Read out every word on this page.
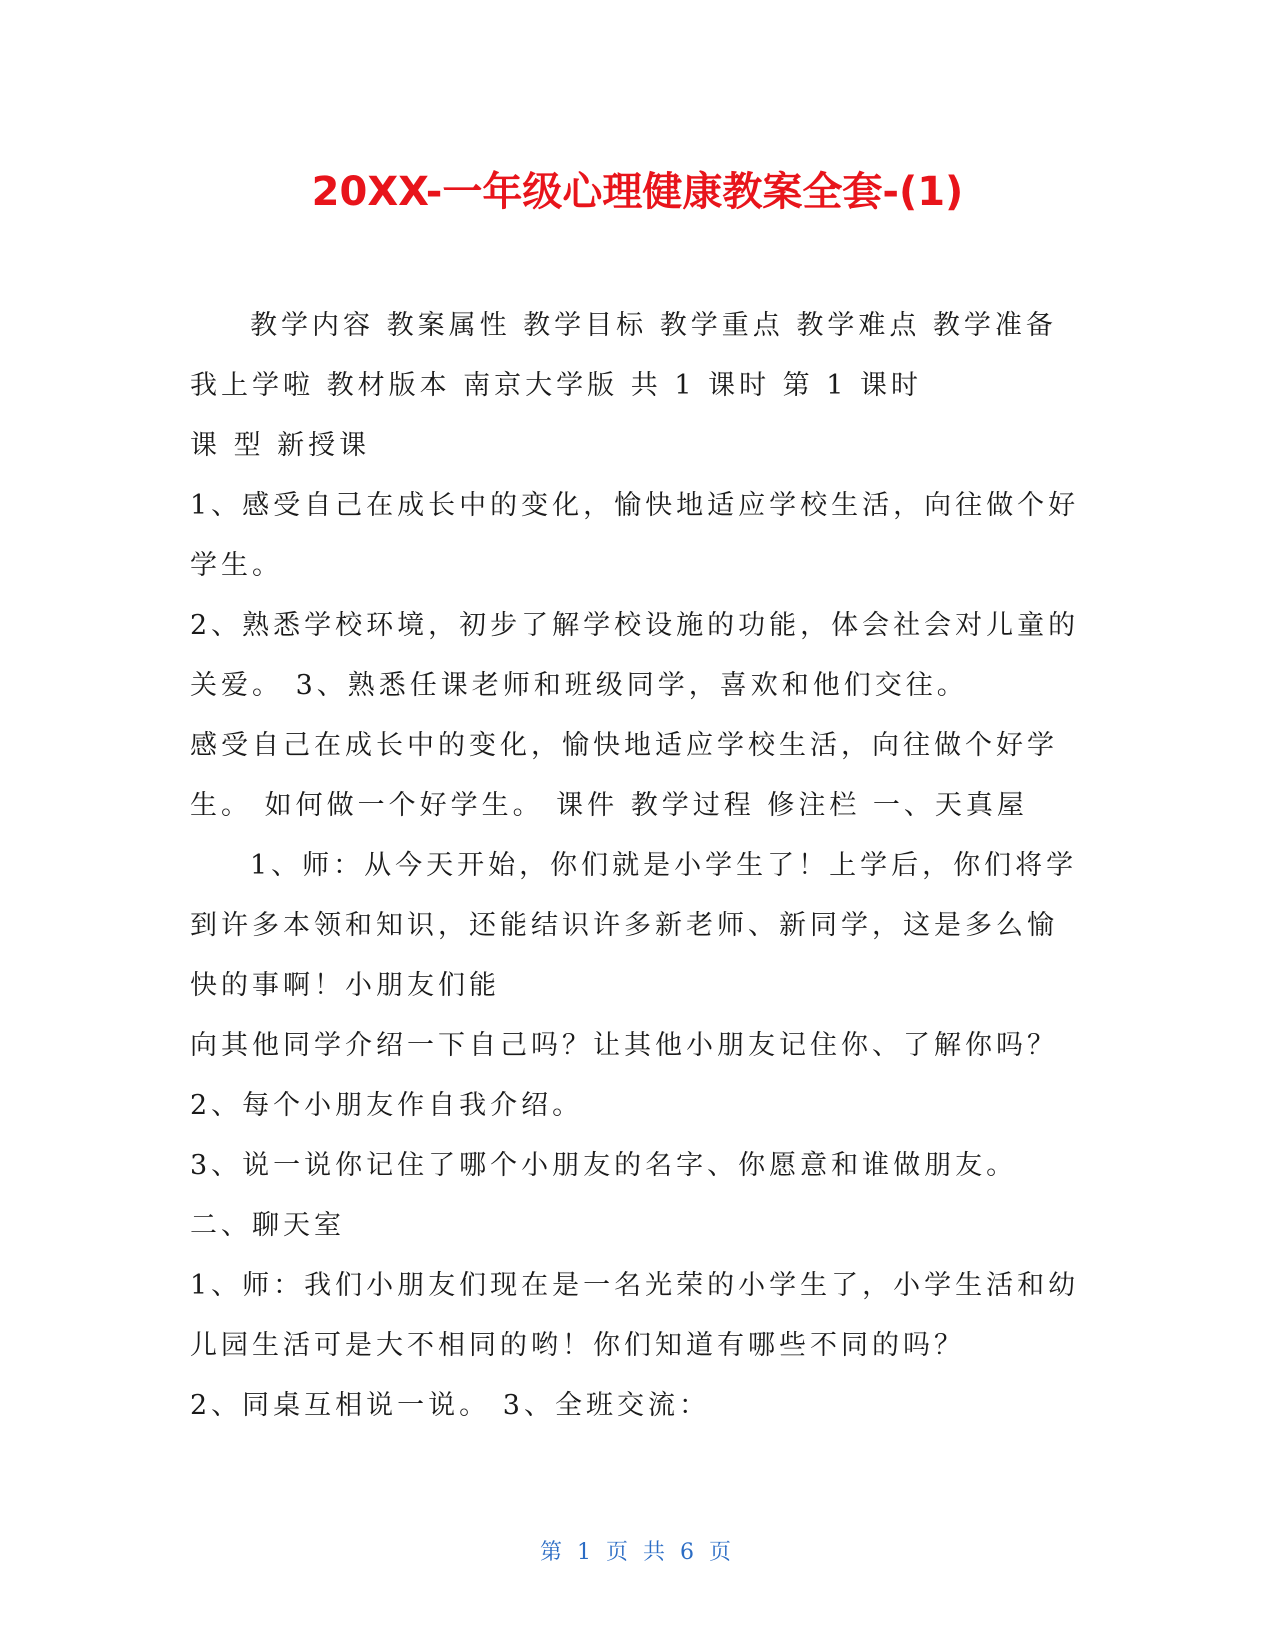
20XX-一年级心理健康教案全套-(1)
教学内容 教案属性 教学目标 教学重点 教学难点 教学准备
我上学啦 教材版本 南京大学版 共 1 课时 第 1 课时
课 型 新授课
1、感受自己在成长中的变化，愉快地适应学校生活，向往做个好
学生。
2、熟悉学校环境，初步了解学校设施的功能，体会社会对儿童的
关爱。 3、熟悉任课老师和班级同学，喜欢和他们交往。
感受自己在成长中的变化，愉快地适应学校生活，向往做个好学
生。 如何做一个好学生。 课件 教学过程 修注栏 一、天真屋
1、师：从今天开始，你们就是小学生了！上学后，你们将学
到许多本领和知识，还能结识许多新老师、新同学，这是多么愉
快的事啊！小朋友们能
向其他同学介绍一下自己吗？让其他小朋友记住你、了解你吗？
2、每个小朋友作自我介绍。
3、说一说你记住了哪个小朋友的名字、你愿意和谁做朋友。
二、聊天室
1、师：我们小朋友们现在是一名光荣的小学生了，小学生活和幼
儿园生活可是大不相同的哟！你们知道有哪些不同的吗？
2、同桌互相说一说。 3、全班交流：
第 1 页 共 6 页
